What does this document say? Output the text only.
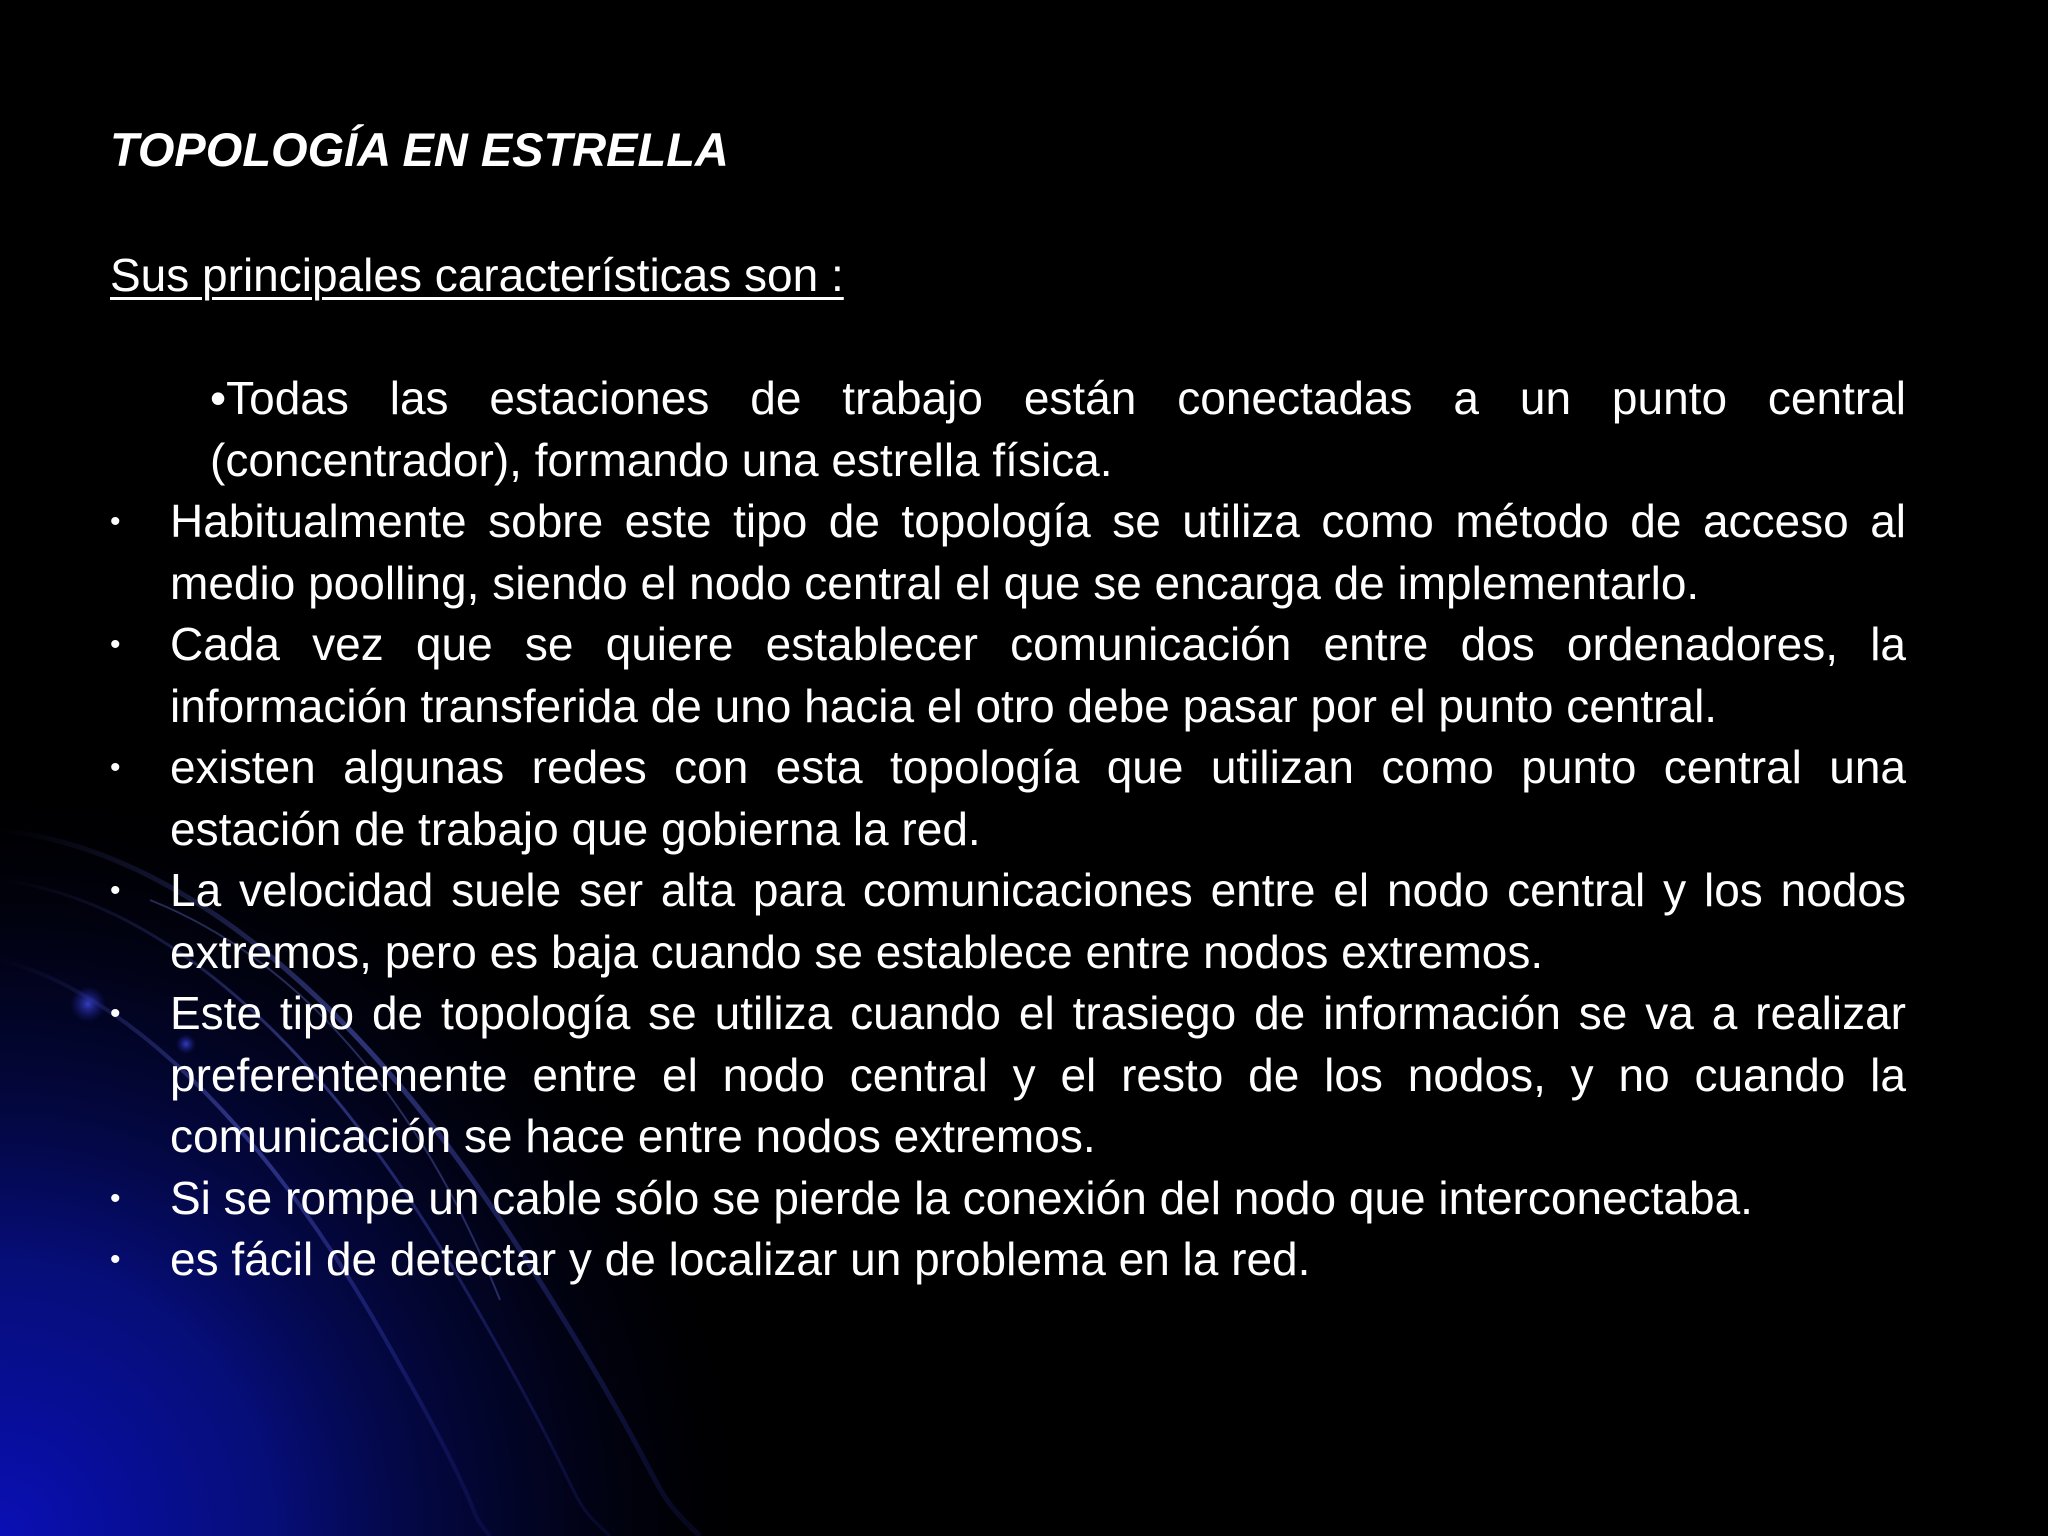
TOPOLOGÍA EN ESTRELLA
Sus principales características son :
•Todas las estaciones de trabajo están conectadas a un punto central (concentrador), formando una estrella física.
• Habitualmente sobre este tipo de topología se utiliza como método de acceso al medio poolling, siendo el nodo central el que se encarga de implementarlo.
• Cada vez que se quiere establecer comunicación entre dos ordenadores, la información transferida de uno hacia el otro debe pasar por el punto central.
• existen algunas redes con esta topología que utilizan como punto central una estación de trabajo que gobierna la red.
• La velocidad suele ser alta para comunicaciones entre el nodo central y los nodos extremos, pero es baja cuando se establece entre nodos extremos.
• Este tipo de topología se utiliza cuando el trasiego de información se va a realizar preferentemente entre el nodo central y el resto de los nodos, y no cuando la comunicación se hace entre nodos extremos.
• Si se rompe un cable sólo se pierde la conexión del nodo que interconectaba.
• es fácil de detectar y de localizar un problema en la red.
